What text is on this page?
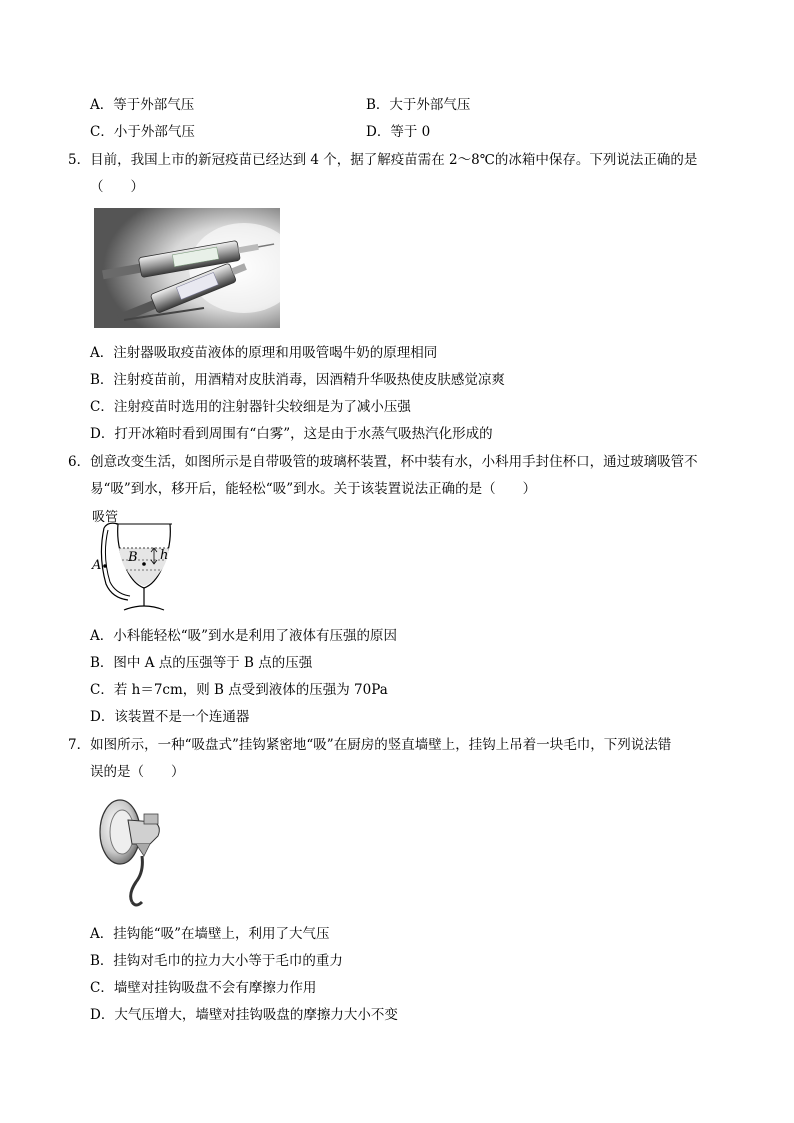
A．等于外部气压	B．大于外部气压
C．小于外部气压	D．等于 0
5．目前，我国上市的新冠疫苗已经达到 4 个，据了解疫苗需在 2～8℃的冰箱中保存。下列说法正确的是
（　　）
A．注射器吸取疫苗液体的原理和用吸管喝牛奶的原理相同
B．注射疫苗前，用酒精对皮肤消毒，因酒精升华吸热使皮肤感觉凉爽
C．注射疫苗时选用的注射器针尖较细是为了减小压强
D．打开冰箱时看到周围有“白雾”，这是由于水蒸气吸热汽化形成的
6．创意改变生活，如图所示是自带吸管的玻璃杯装置，杯中装有水，小科用手封住杯口，通过玻璃吸管不
易“吸”到水，移开后，能轻松“吸”到水。关于该装置说法正确的是（　　）
吸管
A
B h
A．小科能轻松“吸”到水是利用了液体有压强的原因
B．图中 A 点的压强等于 B 点的压强
C．若 h＝7cm，则 B 点受到液体的压强为 70Pa
D．该装置不是一个连通器
7．如图所示，一种“吸盘式”挂钩紧密地“吸”在厨房的竖直墙壁上，挂钩上吊着一块毛巾，下列说法错
误的是（　　）
A．挂钩能“吸”在墙壁上，利用了大气压
B．挂钩对毛巾的拉力大小等于毛巾的重力
C．墙壁对挂钩吸盘不会有摩擦力作用
D．大气压增大，墙壁对挂钩吸盘的摩擦力大小不变
